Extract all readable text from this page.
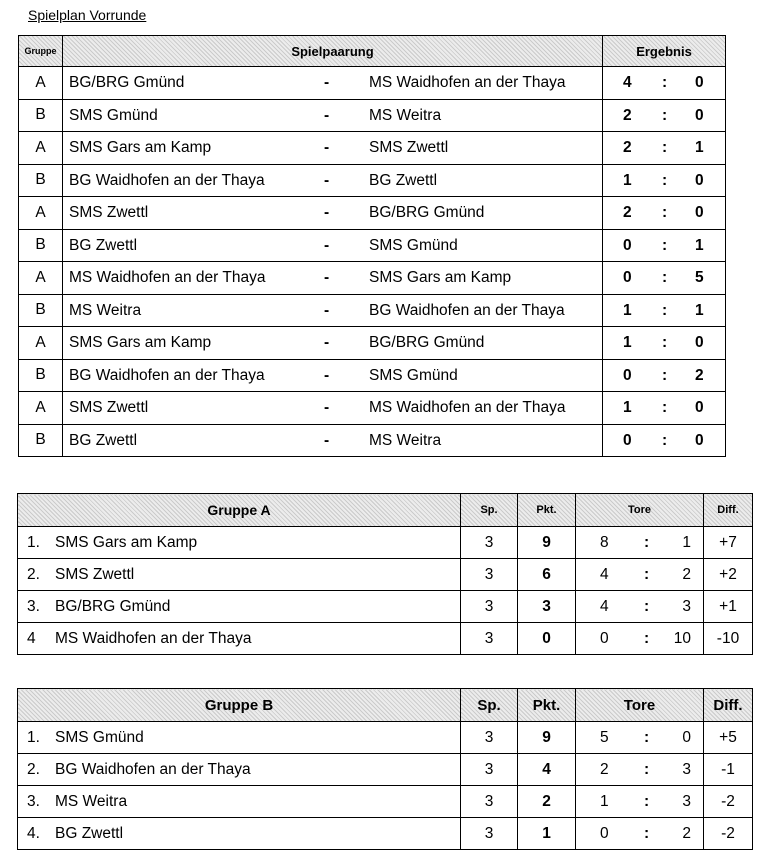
Spielplan Vorrunde
Gruppe	Spielpaarung	Ergebnis
A	BG/BRG Gmünd - MS Waidhofen an der Thaya	4 : 0

B	SMS Gmünd - MS Weitra	2 : 0

A	SMS Gars am Kamp - SMS Zwettl	2 : 1

B	BG Waidhofen an der Thaya - BG Zwettl	1 : 0

A	SMS Zwettl - BG/BRG Gmünd	2 : 0

B	BG Zwettl - SMS Gmünd	0 : 1

A	MS Waidhofen an der Thaya - SMS Gars am Kamp	0 : 5

B	MS Weitra - BG Waidhofen an der Thaya	1 : 1

A	SMS Gars am Kamp - BG/BRG Gmünd	1 : 0

B	BG Waidhofen an der Thaya - SMS Gmünd	0 : 2

A	SMS Zwettl - MS Waidhofen an der Thaya	1 : 0

B	BG Zwettl - MS Weitra	0 : 0
Gruppe A	Sp.	Pkt.	Tore	Diff.

1. SMS Gars am Kamp	3	9	8 : 1	+7

2. SMS Zwettl	3	6	4 : 2	+2

3. BG/BRG Gmünd	3	3	4 : 3	+1

4 MS Waidhofen an der Thaya	3	0	0 : 10	-10
Gruppe B	Sp.	Pkt.	Tore	Diff.

1. SMS Gmünd	3	9	5 : 0	+5

2. BG Waidhofen an der Thaya	3	4	2 : 3	-1

3. MS Weitra	3	2	1 : 3	-2

4. BG Zwettl	3	1	0 : 2	-2
